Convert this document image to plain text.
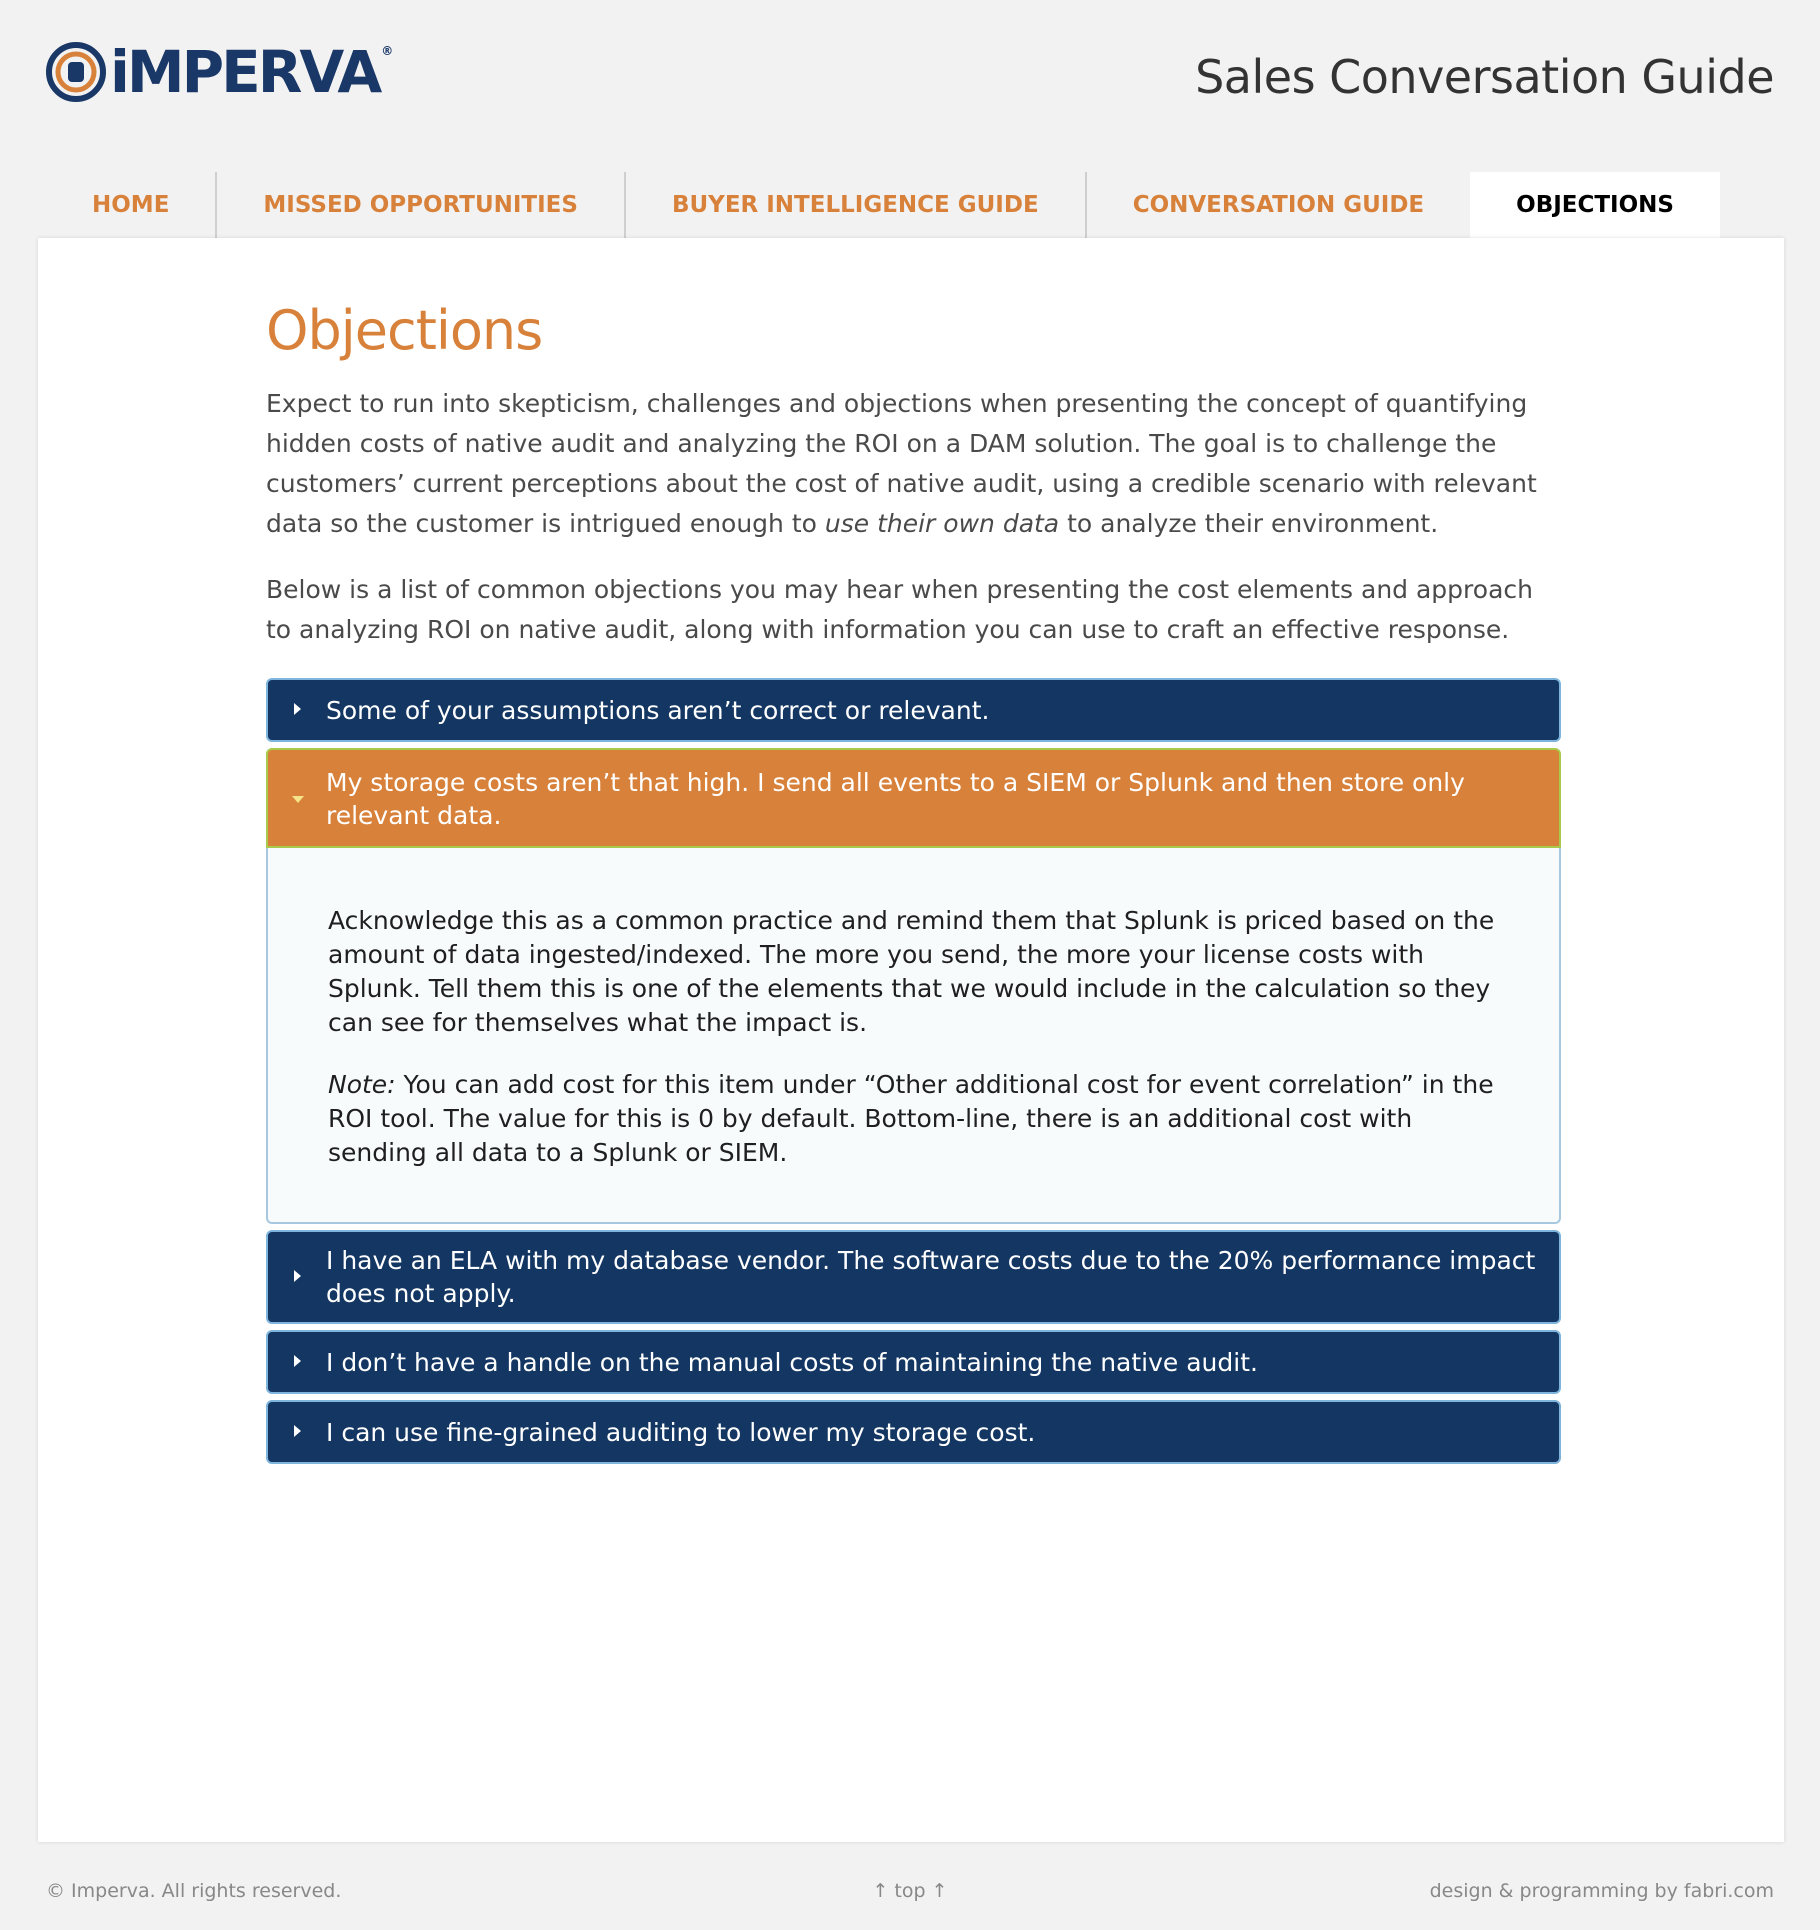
iMPERVA ®	Sales Conversation Guide
HOME	MISSED OPPORTUNITIES	BUYER INTELLIGENCE GUIDE	CONVERSATION GUIDE	OBJECTIONS
Objections

Expect to run into skepticism, challenges and objections when presenting the concept of quantifying hidden costs of native audit and analyzing the ROI on a DAM solution. The goal is to challenge the customers’ current perceptions about the cost of native audit, using a credible scenario with relevant data so the customer is intrigued enough to use their own data to analyze their environment.

Below is a list of common objections you may hear when presenting the cost elements and approach to analyzing ROI on native audit, along with information you can use to craft an effective response.

Some of your assumptions aren’t correct or relevant.
My storage costs aren’t that high. I send all events to a SIEM or Splunk and then store only relevant data.

Acknowledge this as a common practice and remind them that Splunk is priced based on the amount of data ingested/indexed. The more you send, the more your license costs with Splunk. Tell them this is one of the elements that we would include in the calculation so they can see for themselves what the impact is.

Note: You can add cost for this item under “Other additional cost for event correlation” in the ROI tool. The value for this is 0 by default. Bottom-line, there is an additional cost with sending all data to a Splunk or SIEM.

I have an ELA with my database vendor. The software costs due to the 20% performance impact does not apply.
I don’t have a handle on the manual costs of maintaining the native audit.
I can use fine-grained auditing to lower my storage cost.
© Imperva. All rights reserved.	↑ top ↑	design & programming by fabri.com
